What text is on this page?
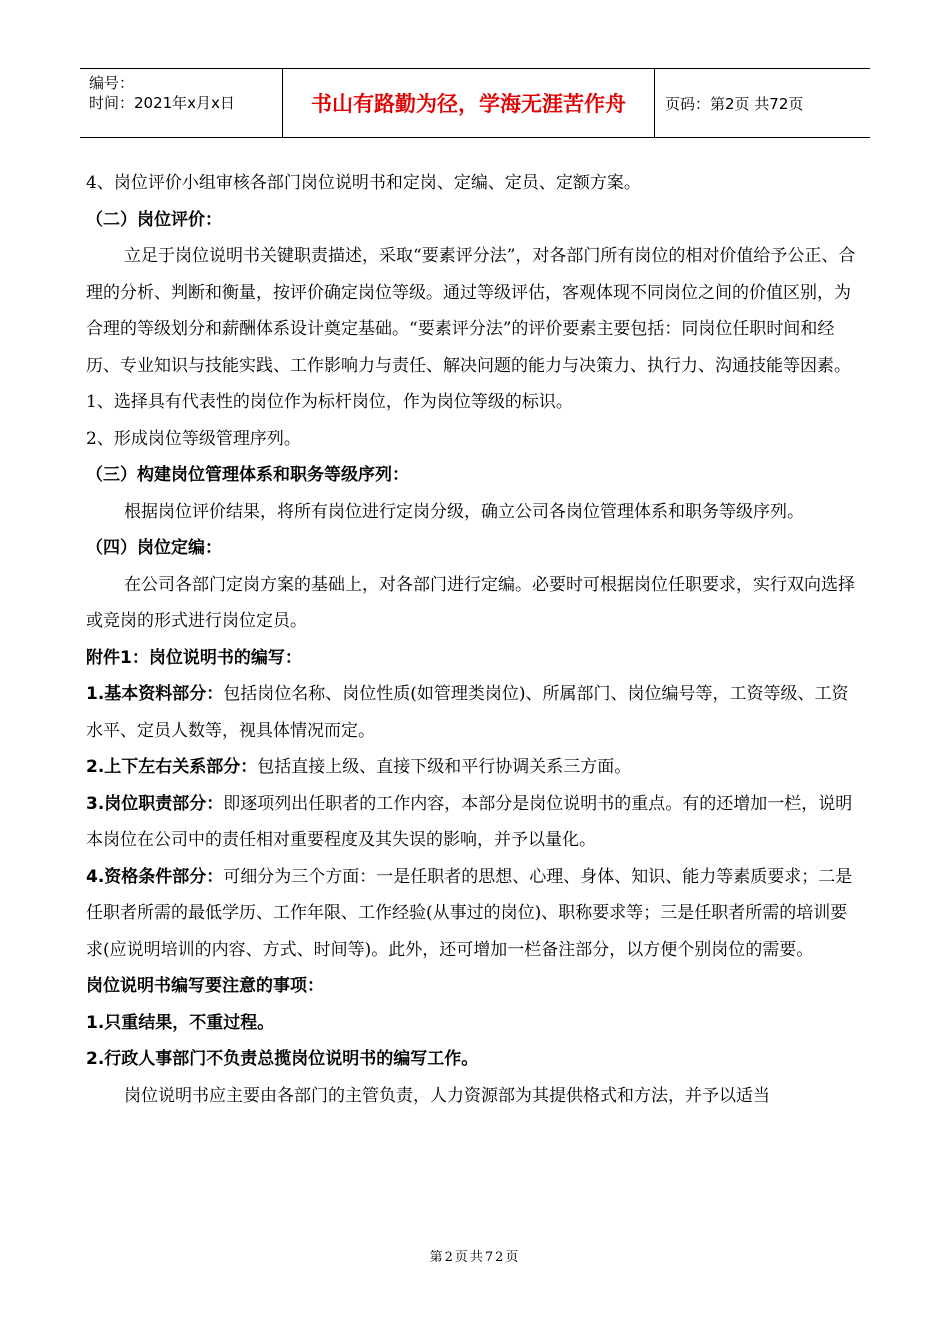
编号：
时间：2021年x月x日	书山有路勤为径，学海无涯苦作舟	页码：第2页 共72页

4、岗位评价小组审核各部门岗位说明书和定岗、定编、定员、定额方案。

（二）岗位评价：

立足于岗位说明书关键职责描述，采取“要素评分法”，对各部门所有岗位的相对价值给予公正、合理的分析、判断和衡量，按评价确定岗位等级。通过等级评估，客观体现不同岗位之间的价值区别，为合理的等级划分和薪酬体系设计奠定基础。“要素评分法”的评价要素主要包括：同岗位任职时间和经历、专业知识与技能实践、工作影响力与责任、解决问题的能力与决策力、执行力、沟通技能等因素。

1、选择具有代表性的岗位作为标杆岗位，作为岗位等级的标识。

2、形成岗位等级管理序列。

（三）构建岗位管理体系和职务等级序列：

根据岗位评价结果，将所有岗位进行定岗分级，确立公司各岗位管理体系和职务等级序列。

（四）岗位定编：

在公司各部门定岗方案的基础上，对各部门进行定编。必要时可根据岗位任职要求，实行双向选择或竞岗的形式进行岗位定员。

附件1：岗位说明书的编写：

1.基本资料部分：包括岗位名称、岗位性质(如管理类岗位)、所属部门、岗位编号等，工资等级、工资水平、定员人数等，视具体情况而定。

2.上下左右关系部分：包括直接上级、直接下级和平行协调关系三方面。

3.岗位职责部分：即逐项列出任职者的工作内容，本部分是岗位说明书的重点。有的还增加一栏，说明本岗位在公司中的责任相对重要程度及其失误的影响，并予以量化。

4.资格条件部分：可细分为三个方面：一是任职者的思想、心理、身体、知识、能力等素质要求；二是任职者所需的最低学历、工作年限、工作经验(从事过的岗位)、职称要求等；三是任职者所需的培训要求(应说明培训的内容、方式、时间等)。此外，还可增加一栏备注部分，以方便个别岗位的需要。

岗位说明书编写要注意的事项：

1.只重结果，不重过程。

2.行政人事部门不负责总揽岗位说明书的编写工作。

岗位说明书应主要由各部门的主管负责，人力资源部为其提供格式和方法，并予以适当

第2页共72页
